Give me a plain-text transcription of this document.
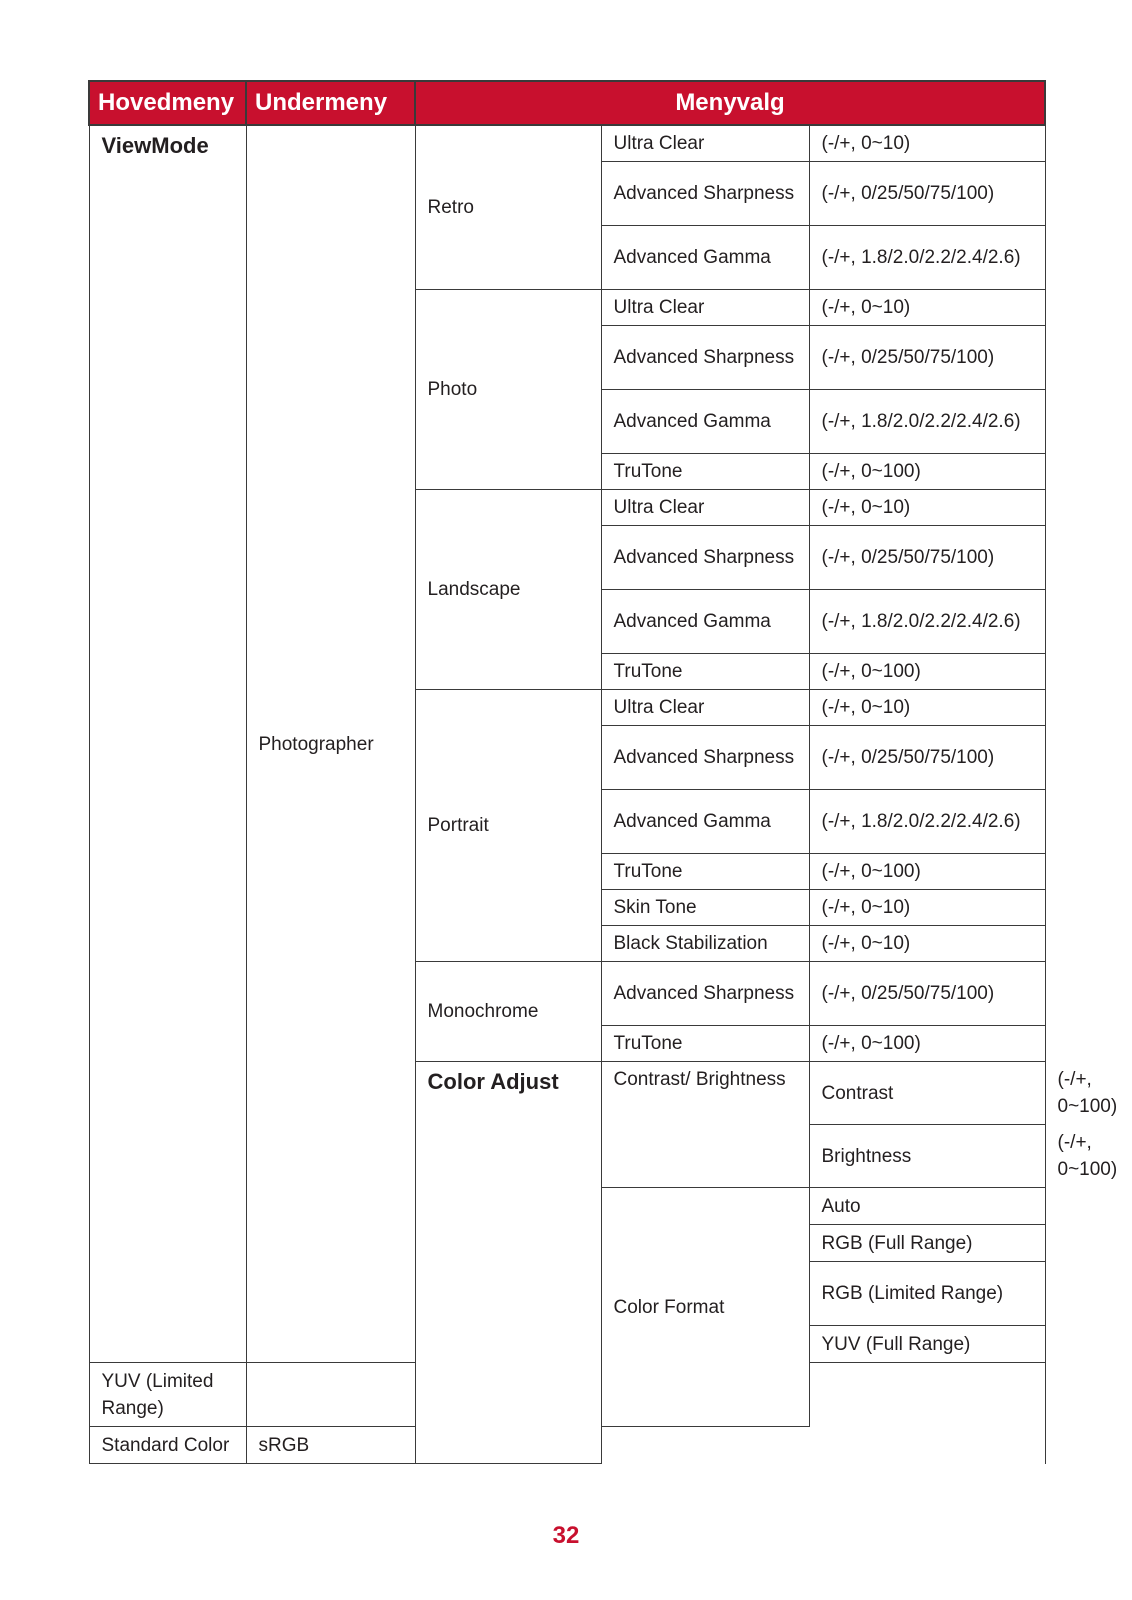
Hovedmeny	Undermeny	Menyvalg			
ViewMode	Photographer	Retro	Ultra Clear	(-/+, 0~10)	
			Advanced Sharpness	(-/+, 0/25/50/75/100)	
			Advanced Gamma	(-/+, 1.8/2.0/2.2/2.4/2.6)	
		Photo	Ultra Clear	(-/+, 0~10)	
			Advanced Sharpness	(-/+, 0/25/50/75/100)	
			Advanced Gamma	(-/+, 1.8/2.0/2.2/2.4/2.6)	
			TruTone	(-/+, 0~100)	
		Landscape	Ultra Clear	(-/+, 0~10)	
			Advanced Sharpness	(-/+, 0/25/50/75/100)	
			Advanced Gamma	(-/+, 1.8/2.0/2.2/2.4/2.6)	
			TruTone	(-/+, 0~100)	
		Portrait	Ultra Clear	(-/+, 0~10)	
			Advanced Sharpness	(-/+, 0/25/50/75/100)	
			Advanced Gamma	(-/+, 1.8/2.0/2.2/2.4/2.6)	
			TruTone	(-/+, 0~100)	
			Skin Tone	(-/+, 0~10)	
			Black Stabilization	(-/+, 0~10)	
		Monochrome	Advanced Sharpness	(-/+, 0/25/50/75/100)	
			TruTone	(-/+, 0~100)	
		Color Adjust	Contrast/ Brightness	Contrast	(-/+, 0~100)	
				Brightness	(-/+, 0~100)
			Color Format	Auto	
				RGB (Full Range)	
				RGB (Limited Range)	
				YUV (Full Range)	
YUV (Limited Range)					
Standard Color	sRGB				
32
